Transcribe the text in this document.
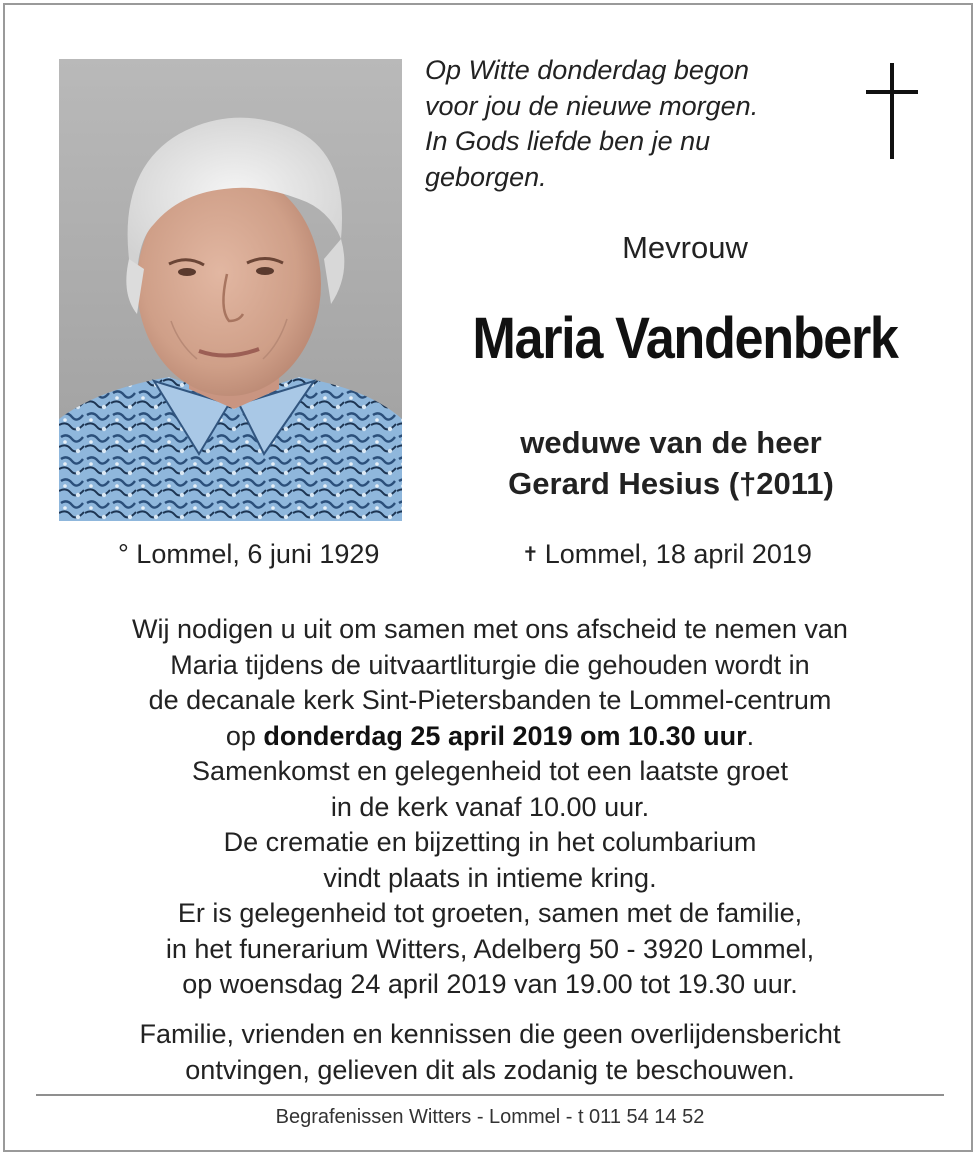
Op Witte donderdag begon
voor jou de nieuwe morgen.
In Gods liefde ben je nu
geborgen.
Mevrouw
Maria Vandenberk
weduwe van de heer
Gerard Hesius (†2011)
° Lommel, 6 juni 1929	✝ Lommel, 18 april 2019
Wij nodigen u uit om samen met ons afscheid te nemen van
Maria tijdens de uitvaartliturgie die gehouden wordt in
de decanale kerk Sint-Pietersbanden te Lommel-centrum
op donderdag 25 april 2019 om 10.30 uur.
Samenkomst en gelegenheid tot een laatste groet
in de kerk vanaf 10.00 uur.
De crematie en bijzetting in het columbarium
vindt plaats in intieme kring.
Er is gelegenheid tot groeten, samen met de familie,
in het funerarium Witters, Adelberg 50 - 3920 Lommel,
op woensdag 24 april 2019 van 19.00 tot 19.30 uur.
Familie, vrienden en kennissen die geen overlijdensbericht
ontvingen, gelieven dit als zodanig te beschouwen.
Begrafenissen Witters - Lommel - t 011 54 14 52
